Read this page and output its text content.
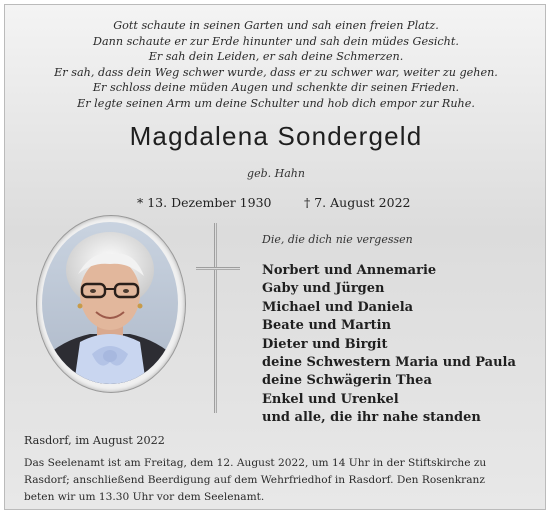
Gott schaute in seinen Garten und sah einen freien Platz.
Dann schaute er zur Erde hinunter und sah dein müdes Gesicht.
Er sah dein Leiden, er sah deine Schmerzen.
Er sah, dass dein Weg schwer wurde, dass er zu schwer war, weiter zu gehen.
Er schloss deine müden Augen und schenkte dir seinen Frieden.
Er legte seinen Arm um deine Schulter und hob dich empor zur Ruhe.
Magdalena Sondergeld
geb. Hahn
* 13. Dezember 1930	† 7. August 2022
Die, die dich nie vergessen
Norbert und Annemarie
Gaby und Jürgen
Michael und Daniela
Beate und Martin
Dieter und Birgit
deine Schwestern Maria und Paula
deine Schwägerin Thea
Enkel und Urenkel
und alle, die ihr nahe standen
Rasdorf, im August 2022
Das Seelenamt ist am Freitag, dem 12. August 2022, um 14 Uhr in der Stiftskirche zu
Rasdorf; anschließend Beerdigung auf dem Wehrfriedhof in Rasdorf. Den Rosenkranz
beten wir um 13.30 Uhr vor dem Seelenamt.
